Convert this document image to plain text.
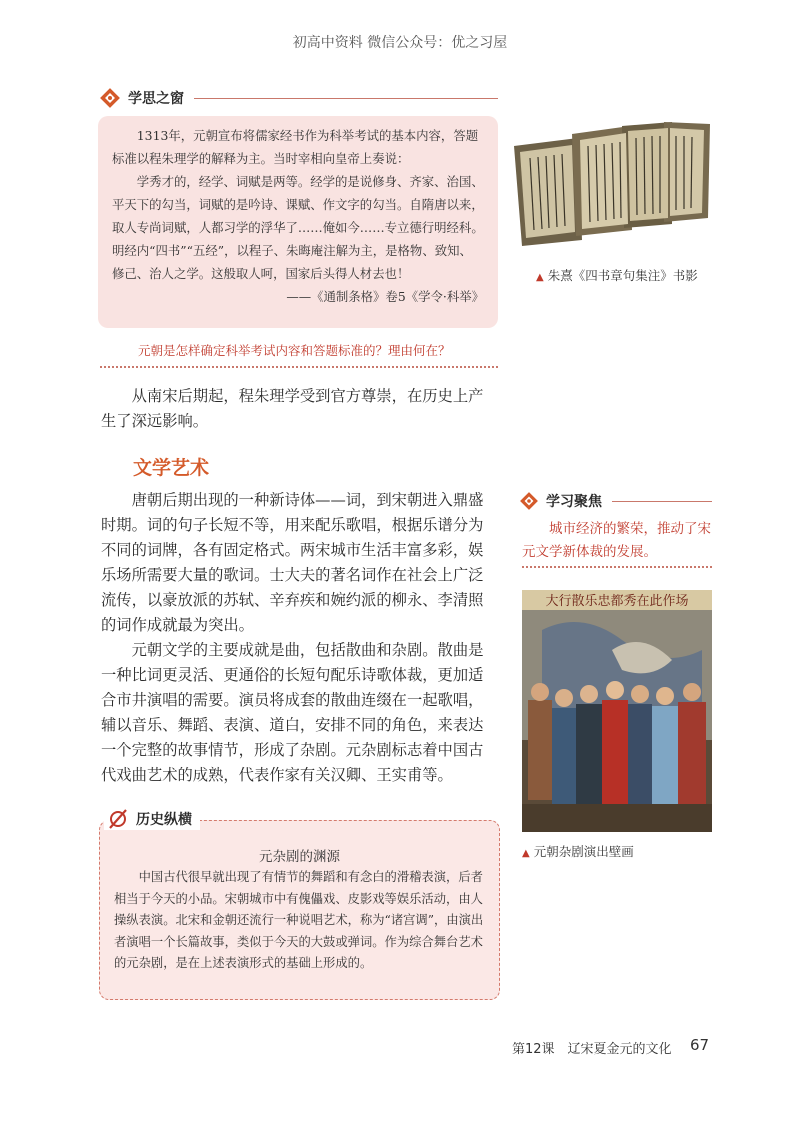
初高中资料 微信公众号：优之习屋
学思之窗

1313年，元朝宣布将儒家经书作为科举考试的基本内容，答题标准以程朱理学的解释为主。当时宰相向皇帝上奏说：

学秀才的，经学、词赋是两等。经学的是说修身、齐家、治国、平天下的勾当，词赋的是吟诗、课赋、作文字的勾当。自隋唐以来，取人专尚词赋，人都习学的浮华了……俺如今……专立德行明经科。明经内“四书”“五经”，以程子、朱晦庵注解为主，是格物、致知、修己、治人之学。这般取人呵，国家后头得人材去也！

——《通制条格》卷5《学令·科举》
元朝是怎样确定科举考试内容和答题标准的？理由何在？
▲ 朱熹《四书章句集注》书影

从南宋后期起，程朱理学受到官方尊崇，在历史上产生了深远影响。

文学艺术

唐朝后期出现的一种新诗体——词，到宋朝进入鼎盛时期。词的句子长短不等，用来配乐歌唱，根据乐谱分为不同的词牌，各有固定格式。两宋城市生活丰富多彩，娱乐场所需要大量的歌词。士大夫的著名词作在社会上广泛流传，以豪放派的苏轼、辛弃疾和婉约派的柳永、李清照的词作成就最为突出。

元朝文学的主要成就是曲，包括散曲和杂剧。散曲是一种比词更灵活、更通俗的长短句配乐诗歌体裁，更加适合市井演唱的需要。演员将成套的散曲连缀在一起歌唱，辅以音乐、舞蹈、表演、道白，安排不同的角色，来表达一个完整的故事情节，形成了杂剧。元杂剧标志着中国古代戏曲艺术的成熟，代表作家有关汉卿、王实甫等。

学习聚焦
城市经济的繁荣，推动了宋元文学新体裁的发展。
大行散乐忠都秀在此作场
▲ 元朝杂剧演出壁画
元杂剧的渊源

中国古代很早就出现了有情节的舞蹈和有念白的滑稽表演，后者相当于今天的小品。宋朝城市中有傀儡戏、皮影戏等娱乐活动，由人操纵表演。北宋和金朝还流行一种说唱艺术，称为“诸宫调”，由演出者演唱一个长篇故事，类似于今天的大鼓或弹词。作为综合舞台艺术的元杂剧，是在上述表演形式的基础上形成的。

历史纵横
第12课　辽宋夏金元的文化 67
